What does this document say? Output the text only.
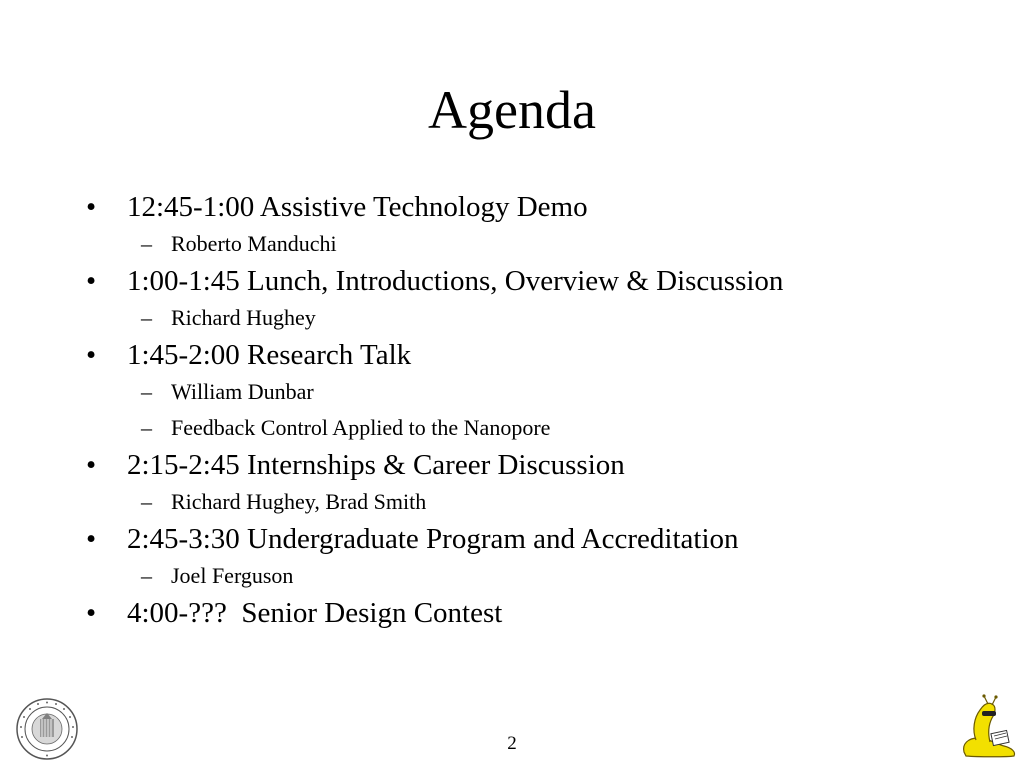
Agenda
• 12:45-1:00 Assistive Technology Demo
– Roberto Manduchi
• 1:00-1:45 Lunch, Introductions, Overview & Discussion
– Richard Hughey
• 1:45-2:00 Research Talk
– William Dunbar
– Feedback Control Applied to the Nanopore
• 2:15-2:45 Internships & Career Discussion
– Richard Hughey, Brad Smith
• 2:45-3:30 Undergraduate Program and Accreditation
– Joel Ferguson
• 4:00-???  Senior Design Contest
2
